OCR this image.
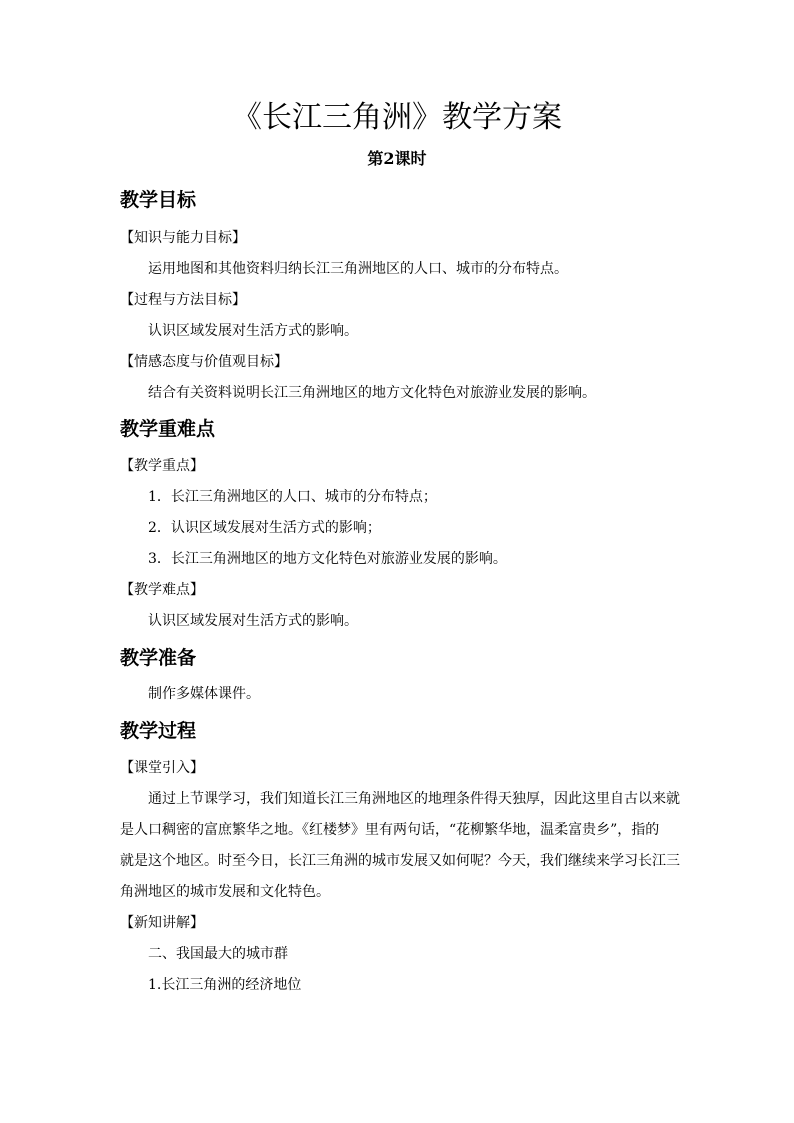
《长江三角洲》教学方案
第2课时
教学目标
【知识与能力目标】
运用地图和其他资料归纳长江三角洲地区的人口、城市的分布特点。
【过程与方法目标】
认识区域发展对生活方式的影响。
【情感态度与价值观目标】
结合有关资料说明长江三角洲地区的地方文化特色对旅游业发展的影响。
教学重难点
【教学重点】
1．长江三角洲地区的人口、城市的分布特点；
2．认识区域发展对生活方式的影响；
3．长江三角洲地区的地方文化特色对旅游业发展的影响。
【教学难点】
认识区域发展对生活方式的影响。
教学准备
制作多媒体课件。
教学过程
【课堂引入】
通过上节课学习，我们知道长江三角洲地区的地理条件得天独厚，因此这里自古以来就
是人口稠密的富庶繁华之地。《红楼梦》里有两句话，“花柳繁华地，温柔富贵乡”，指的
就是这个地区。时至今日，长江三角洲的城市发展又如何呢？今天，我们继续来学习长江三
角洲地区的城市发展和文化特色。
【新知讲解】
二、我国最大的城市群
1.长江三角洲的经济地位
